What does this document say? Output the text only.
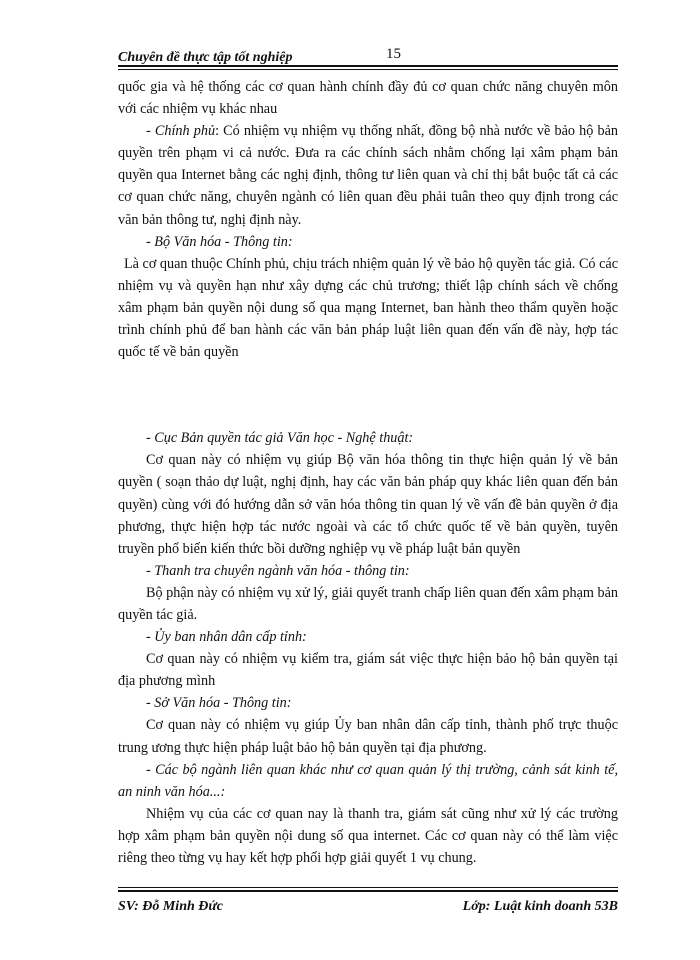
Chuyên đề thực tập tốt nghiệp	15

quốc gia và hệ thống các cơ quan hành chính đầy đủ cơ quan chức năng chuyên môn với các nhiệm vụ khác nhau

- Chính phủ: Có nhiệm vụ nhiệm vụ thống nhất, đồng bộ nhà nước về bảo hộ bản quyền trên phạm vi cả nước. Đưa ra các chính sách nhằm chống lại xâm phạm bản quyền qua Internet bằng các nghị định, thông tư liên quan và chỉ thị bắt buộc tất cả các cơ quan chức năng, chuyên ngành có liên quan đều phải tuân theo quy định trong các văn bản thông tư, nghị định này.

- Bộ Văn hóa - Thông tin:

Là cơ quan thuộc Chính phủ, chịu trách nhiệm quản lý về bảo hộ quyền tác giả. Có các nhiệm vụ và quyền hạn như xây dựng các chủ trương; thiết lập chính sách về chống xâm phạm bản quyền nội dung số qua mạng Internet, ban hành theo thẩm quyền hoặc trình chính phủ để ban hành các văn bản pháp luật liên quan đến vấn đề này, hợp tác quốc tế về bản quyền

- Cục Bản quyền tác giả Văn học - Nghệ thuật:

Cơ quan này có nhiệm vụ giúp Bộ văn hóa thông tin thực hiện quản lý về bản quyền ( soạn thảo dự luật, nghị định, hay các văn bản pháp quy khác liên quan đến bản quyền) cùng với đó hướng dẫn sở văn hóa thông tin quan lý về vấn đề bản quyền ở địa phương, thực hiện hợp tác nước ngoài và các tổ chức quốc tế về bản quyền, tuyên truyền phổ biến kiến thức bồi dưỡng nghiệp vụ về pháp luật bản quyền

- Thanh tra chuyên ngành văn hóa - thông tin:

Bộ phận này có nhiệm vụ xử lý, giải quyết tranh chấp liên quan đến xâm phạm bản quyền tác giả.

- Ủy ban nhân dân cấp tỉnh:

Cơ quan này có nhiệm vụ kiểm tra, giám sát việc thực hiện bảo hộ bản quyền tại địa phương mình

- Sở Văn hóa - Thông tin:

Cơ quan này có nhiệm vụ giúp Ủy ban nhân dân cấp tỉnh, thành phố trực thuộc trung ương thực hiện pháp luật bảo hộ bản quyền tại địa phương.

- Các bộ ngành liên quan khác như cơ quan quản lý thị trường, cảnh sát kinh tế, an ninh văn hóa...:

Nhiệm vụ của các cơ quan nay là thanh tra, giám sát cũng như xử lý các trường hợp xâm phạm bản quyền nội dung số qua internet. Các cơ quan này có thể làm việc riêng theo từng vụ hay kết hợp phối hợp giải quyết 1 vụ chung.

SV: Đỗ Minh Đức	Lớp: Luật kinh doanh 53B
